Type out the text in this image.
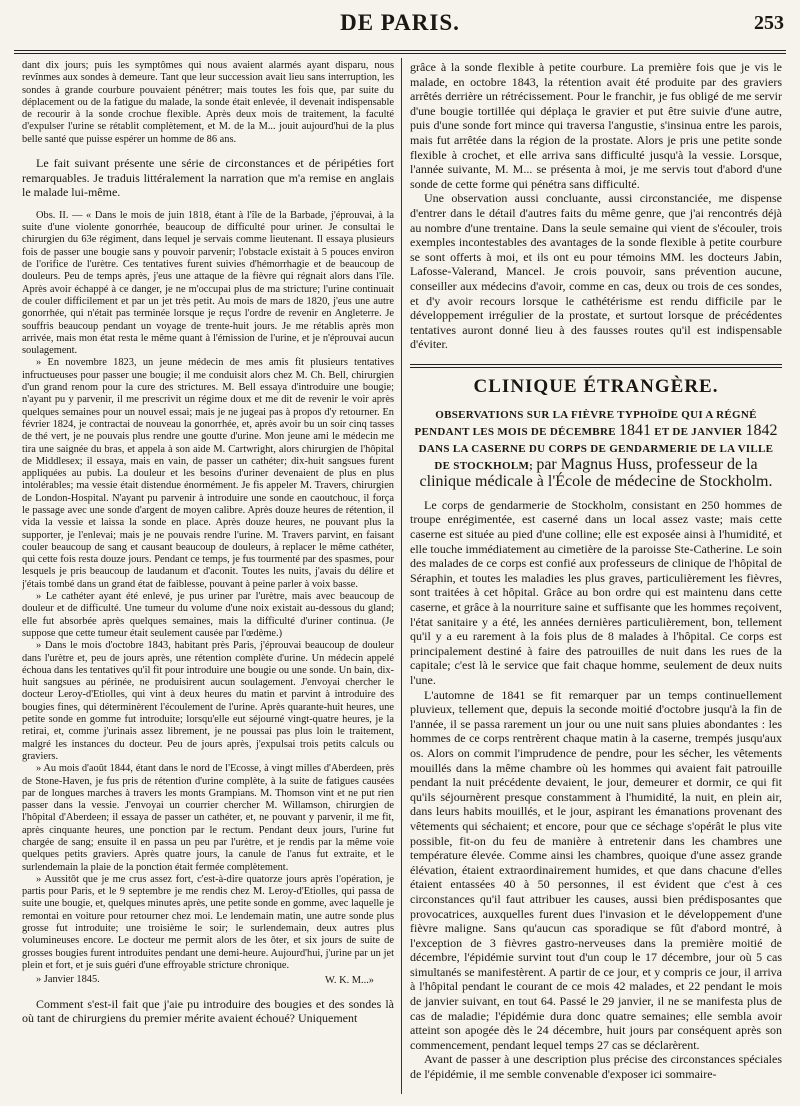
DE PARIS.	253

dant dix jours; puis les symptômes qui nous avaient alarmés ayant disparu, nous revînmes aux sondes à demeure. Tant que leur succession avait lieu sans interruption, les sondes à grande courbure pouvaient pénétrer; mais toutes les fois que, par suite du déplacement ou de la fatigue du malade, la sonde était enlevée, il devenait indispensable de recourir à la sonde crochue flexible. Après deux mois de traitement, la faculté d'expulser l'urine se rétablit complètement, et M. de la M... jouit aujourd'hui de la plus belle santé que puisse espérer un homme de 86 ans.

Le fait suivant présente une série de circonstances et de péripéties fort remarquables. Je traduis littéralement la narration que m'a remise en anglais le malade lui-même.

Obs. II. — « Dans le mois de juin 1818, étant à l'île de la Barbade, j'éprouvai, à la suite d'une violente gonorrhée, beaucoup de difficulté pour uriner. Je consultai le chirurgien du 63e régiment, dans lequel je servais comme lieutenant. Il essaya plusieurs fois de passer une bougie sans y pouvoir parvenir; l'obstacle existait à 5 pouces environ de l'orifice de l'urètre. Ces tentatives furent suivies d'hémorrhagie et de beaucoup de douleurs. Peu de temps après, j'eus une attaque de la fièvre qui régnait alors dans l'île. Après avoir échappé à ce danger, je ne m'occupai plus de ma stricture; l'urine continuait de couler difficilement et par un jet très petit. Au mois de mars de 1820, j'eus une autre gonorrhée, qui n'était pas terminée lorsque je reçus l'ordre de revenir en Angleterre. Je souffris beaucoup pendant un voyage de trente-huit jours. Je me rétablis après mon arrivée, mais mon état resta le même quant à l'émission de l'urine, et je n'éprouvai aucun soulagement.

» En novembre 1823, un jeune médecin de mes amis fit plusieurs tentatives infructueuses pour passer une bougie; il me conduisit alors chez M. Ch. Bell, chirurgien d'un grand renom pour la cure des strictures. M. Bell essaya d'introduire une bougie; n'ayant pu y parvenir, il me prescrivit un régime doux et me dit de revenir le voir après quelques semaines pour un nouvel essai; mais je ne jugeai pas à propos d'y retourner. En février 1824, je contractai de nouveau la gonorrhée, et, après avoir bu un soir cinq tasses de thé vert, je ne pouvais plus rendre une goutte d'urine. Mon jeune ami le médecin me tira une saignée du bras, et appela à son aide M. Cartwright, alors chirurgien de l'hôpital de Middlesex; il essaya, mais en vain, de passer un cathéter; dix-huit sangsues furent appliquées au pubis. La douleur et les besoins d'uriner devenaient de plus en plus intolérables; ma vessie était distendue énormément. Je fis appeler M. Travers, chirurgien de London-Hospital. N'ayant pu parvenir à introduire une sonde en caoutchouc, il força le passage avec une sonde d'argent de moyen calibre. Après douze heures de rétention, il vida la vessie et laissa la sonde en place. Après douze heures, ne pouvant plus la supporter, je l'enlevai; mais je ne pouvais rendre l'urine. M. Travers parvint, en faisant couler beaucoup de sang et causant beaucoup de douleurs, à replacer le même cathéter, qui cette fois resta douze jours. Pendant ce temps, je fus tourmenté par des spasmes, pour lesquels je pris beaucoup de laudanum et d'aconit. Toutes les nuits, j'avais du délire et j'étais tombé dans un grand état de faiblesse, pouvant à peine parler à voix basse.

» Le cathéter ayant été enlevé, je pus uriner par l'urètre, mais avec beaucoup de douleur et de difficulté. Une tumeur du volume d'une noix existait au-dessous du gland; elle fut absorbée après quelques semaines, mais la difficulté d'uriner continua. (Je suppose que cette tumeur était seulement causée par l'œdème.)

» Dans le mois d'octobre 1843, habitant près Paris, j'éprouvai beaucoup de douleur dans l'urètre et, peu de jours après, une rétention complète d'urine. Un médecin appelé échoua dans les tentatives qu'il fit pour introduire une bougie ou une sonde. Un bain, dix-huit sangsues au périnée, ne produisirent aucun soulagement. J'envoyai chercher le docteur Leroy-d'Etiolles, qui vint à deux heures du matin et parvint à introduire des bougies fines, qui déterminèrent l'écoulement de l'urine. Après quarante-huit heures, une petite sonde en gomme fut introduite; lorsqu'elle eut séjourné vingt-quatre heures, je la retirai, et, comme j'urinais assez librement, je ne poussai pas plus loin le traitement, malgré les instances du docteur. Peu de jours après, j'expulsai trois petits calculs ou graviers.

» Au mois d'août 1844, étant dans le nord de l'Ecosse, à vingt milles d'Aberdeen, près de Stone-Haven, je fus pris de rétention d'urine complète, à la suite de fatigues causées par de longues marches à travers les monts Grampians. M. Thomson vint et ne put rien passer dans la vessie. J'envoyai un courrier chercher M. Willamson, chirurgien de l'hôpital d'Aberdeen; il essaya de passer un cathéter, et, ne pouvant y parvenir, il me fit, après cinquante heures, une ponction par le rectum. Pendant deux jours, l'urine fut chargée de sang; ensuite il en passa un peu par l'urètre, et je rendis par la même voie quelques petits graviers. Après quatre jours, la canule de l'anus fut extraite, et le surlendemain la plaie de la ponction était fermée complètement.

» Aussitôt que je me crus assez fort, c'est-à-dire quatorze jours après l'opération, je partis pour Paris, et le 9 septembre je me rendis chez M. Leroy-d'Etiolles, qui passa de suite une bougie, et, quelques minutes après, une petite sonde en gomme, avec laquelle je remontai en voiture pour retourner chez moi. Le lendemain matin, une autre sonde plus grosse fut introduite; une troisième le soir; le surlendemain, deux autres plus volumineuses encore. Le docteur me permit alors de les ôter, et six jours de suite de grosses bougies furent introduites pendant une demi-heure. Aujourd'hui, j'urine par un jet plein et fort, et je suis guéri d'une effroyable stricture chronique.

» Janvier 1845.	W. K. M...»

Comment s'est-il fait que j'aie pu introduire des bougies et des sondes là où tant de chirurgiens du premier mérite avaient échoué? Uniquement

grâce à la sonde flexible à petite courbure. La première fois que je vis le malade, en octobre 1843, la rétention avait été produite par des graviers arrêtés derrière un rétrécissement. Pour le franchir, je fus obligé de me servir d'une bougie tortillée qui déplaça le gravier et put être suivie d'une autre, puis d'une sonde fort mince qui traversa l'angustie, s'insinua entre les parois, mais fut arrêtée dans la région de la prostate. Alors je pris une petite sonde flexible à crochet, et elle arriva sans difficulté jusqu'à la vessie. Lorsque, l'année suivante, M. M... se présenta à moi, je me servis tout d'abord d'une sonde de cette forme qui pénétra sans difficulté.

Une observation aussi concluante, aussi circonstanciée, me dispense d'entrer dans le détail d'autres faits du même genre, que j'ai rencontrés déjà au nombre d'une trentaine. Dans la seule semaine qui vient de s'écouler, trois exemples incontestables des avantages de la sonde flexible à petite courbure se sont offerts à moi, et ils ont eu pour témoins MM. les docteurs Jabin, Lafosse-Valerand, Mancel. Je crois pouvoir, sans prévention aucune, conseiller aux médecins d'avoir, comme en cas, deux ou trois de ces sondes, et d'y avoir recours lorsque le cathétérisme est rendu difficile par le développement irrégulier de la prostate, et surtout lorsque de précédentes tentatives auront donné lieu à des fausses routes qu'il est indispensable d'éviter.

CLINIQUE ÉTRANGÈRE.
OBSERVATIONS SUR LA FIÈVRE TYPHOÏDE QUI A RÉGNÉ PENDANT LES MOIS DE DÉCEMBRE 1841 ET DE JANVIER 1842 DANS LA CASERNE DU CORPS DE GENDARMERIE DE LA VILLE DE STOCKHOLM; par Magnus Huss, professeur de la clinique médicale à l'École de médecine de Stockholm.

Le corps de gendarmerie de Stockholm, consistant en 250 hommes de troupe enrégimentée, est caserné dans un local assez vaste; mais cette caserne est située au pied d'une colline; elle est exposée ainsi à l'humidité, et elle touche immédiatement au cimetière de la paroisse Ste-Catherine. Le soin des malades de ce corps est confié aux professeurs de clinique de l'hôpital de Séraphin, et toutes les maladies les plus graves, particulièrement les fièvres, sont traitées à cet hôpital. Grâce au bon ordre qui est maintenu dans cette caserne, et grâce à la nourriture saine et suffisante que les hommes reçoivent, l'état sanitaire y a été, les années dernières particulièrement, bon, tellement qu'il y a eu rarement à la fois plus de 8 malades à l'hôpital. Ce corps est principalement destiné à faire des patrouilles de nuit dans les rues de la capitale; c'est là le service que fait chaque homme, seulement de deux nuits l'une.

L'automne de 1841 se fit remarquer par un temps continuellement pluvieux, tellement que, depuis la seconde moitié d'octobre jusqu'à la fin de l'année, il se passa rarement un jour ou une nuit sans pluies abondantes : les hommes de ce corps rentrèrent chaque matin à la caserne, trempés jusqu'aux os. Alors on commit l'imprudence de pendre, pour les sécher, les vêtements mouillés dans la même chambre où les hommes qui avaient fait patrouille pendant la nuit précédente devaient, le jour, demeurer et dormir, ce qui fit qu'ils séjournèrent presque constamment à l'humidité, la nuit, en plein air, dans leurs habits mouillés, et le jour, aspirant les émanations provenant des vêtements qui séchaient; et encore, pour que ce séchage s'opérât le plus vite possible, fit-on du feu de manière à entretenir dans les chambres une température élevée. Comme ainsi les chambres, quoique d'une assez grande élévation, étaient extraordinairement humides, et que dans chacune d'elles étaient entassées 40 à 50 personnes, il est évident que c'est à ces circonstances qu'il faut attribuer les causes, aussi bien prédisposantes que provocatrices, auxquelles furent dues l'invasion et le développement d'une fièvre maligne. Sans qu'aucun cas sporadique se fût d'abord montré, à l'exception de 3 fièvres gastro-nerveuses dans la première moitié de décembre, l'épidémie survint tout d'un coup le 17 décembre, jour où 5 cas simultanés se manifestèrent. A partir de ce jour, et y compris ce jour, il arriva à l'hôpital pendant le courant de ce mois 42 malades, et 22 pendant le mois de janvier suivant, en tout 64. Passé le 29 janvier, il ne se manifesta plus de cas de maladie; l'épidémie dura donc quatre semaines; elle sembla avoir atteint son apogée dès le 24 décembre, huit jours par conséquent après son commencement, pendant lequel temps 27 cas se déclarèrent.

Avant de passer à une description plus précise des circonstances spéciales de l'épidémie, il me semble convenable d'exposer ici sommaire-
